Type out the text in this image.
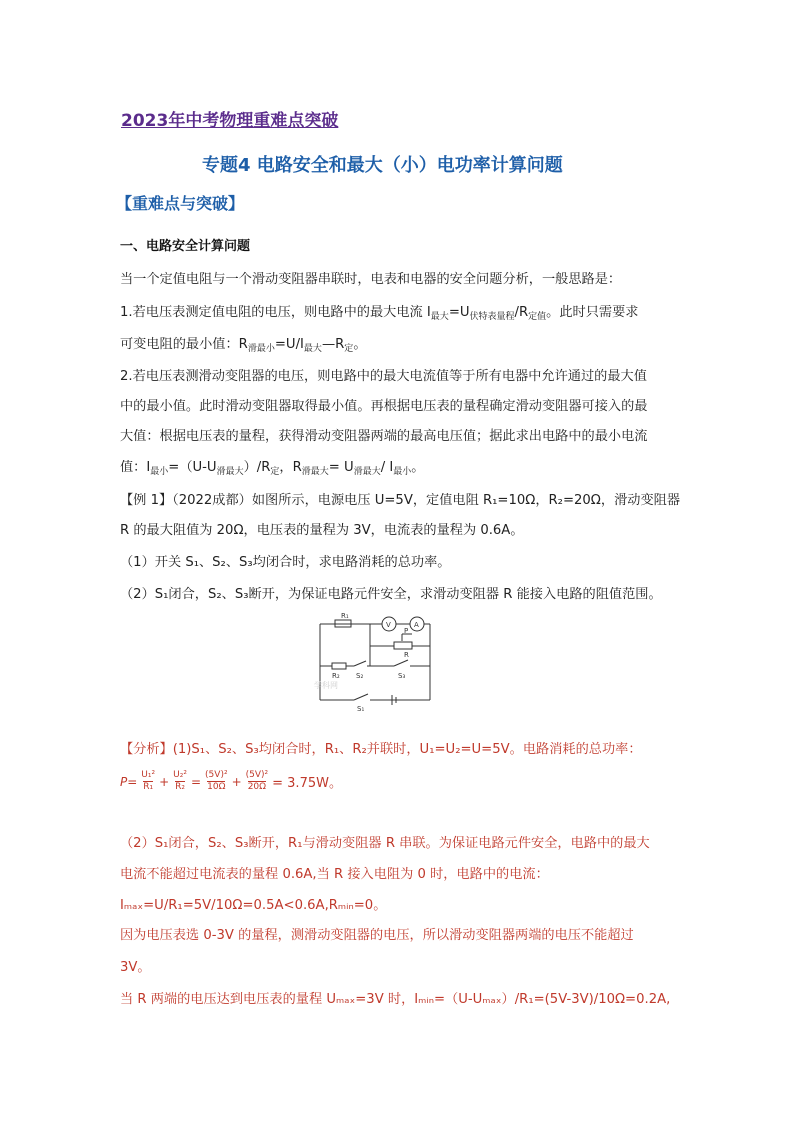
2023年中考物理重难点突破
专题4 电路安全和最大（小）电功率计算问题
【重难点与突破】
一、电路安全计算问题
当一个定值电阻与一个滑动变阻器串联时，电表和电器的安全问题分析，一般思路是：
1.若电压表测定值电阻的电压，则电路中的最大电流 $I_{最大}=U_{伏特表量程}/R_{定值}$。此时只需要求
可变电阻的最小值：$R_{滑最小}=U/I_{最大}—R_定$。
2.若电压表测滑动变阻器的电压，则电路中的最大电流值等于所有电器中允许通过的最大值
中的最小值。此时滑动变阻器取得最小值。再根据电压表的量程确定滑动变阻器可接入的最
大值：根据电压表的量程，获得滑动变阻器两端的最高电压值；据此求出电路中的最小电流
值：$I_{最小}=(U-U_{滑最大})/R_定$，$R_{滑最大}= U_{滑最大}/$ $I_{最小}$。
【例 1】（2022成都）如图所示，电源电压 U=5V，定值电阻 R₁=10Ω，R₂=20Ω，滑动变阻器
R 的最大阻值为 20Ω，电压表的量程为 3V，电流表的量程为 0.6A。
（1）开关 S₁、S₂、S₃均闭合时，求电路消耗的总功率。
（2）S₁闭合，S₂、S₃断开，为保证电路元件安全，求滑动变阻器 R 能接入电路的阻值范围。
R₁
V	A
P
R
R₂ S₂	S₃
S₁
学科网
【分析】(1)S₁、S₂、S₃均闭合时，R₁、R₂并联时，U₁=U₂=U=5V。电路消耗的总功率：
$P= \frac{\text{U₁²}}{\text{R₁}} + \frac{\text{U₂²}}{\text{R₂}} = \frac{\text{(5V)²}}{10\Omega} + \frac{\text{(5V)²}}{20\Omega} = 3.75W$。
（2）S₁闭合，S₂、S₃断开，R₁与滑动变阻器 R 串联。为保证电路元件安全，电路中的最大
电流不能超过电流表的量程 0.6A,当 R 接入电阻为 0 时，电路中的电流：
Iₘₐₓ=U/R₁=5V/10Ω=0.5A<0.6A,Rₘᵢₙ=0。
因为电压表选 0-3V 的量程，测滑动变阻器的电压，所以滑动变阻器两端的电压不能超过
3V。
当 R 两端的电压达到电压表的量程 Uₘₐₓ=3V 时，Iₘᵢₙ=（U-Uₘₐₓ）/R₁=(5V-3V)/10Ω=0.2A,
